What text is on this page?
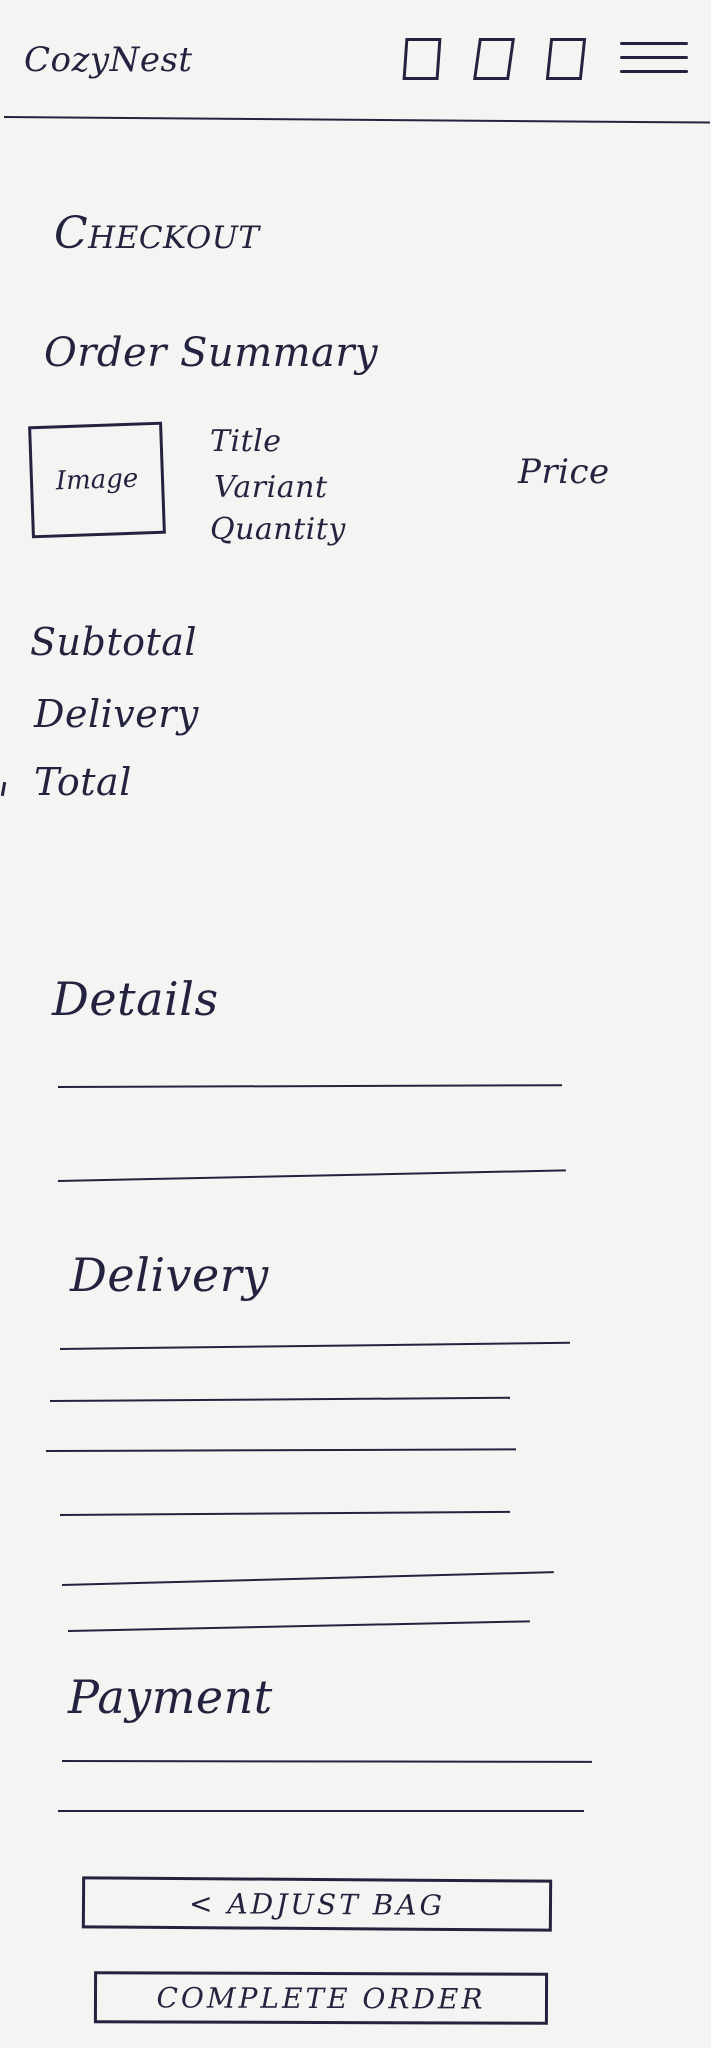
CozyNest
Checkout
Order Summary
Image
Title
Variant
Quantity
Price
Subtotal
Delivery
Total
Details
Delivery
Payment
< ADJUST BAG
COMPLETE ORDER
